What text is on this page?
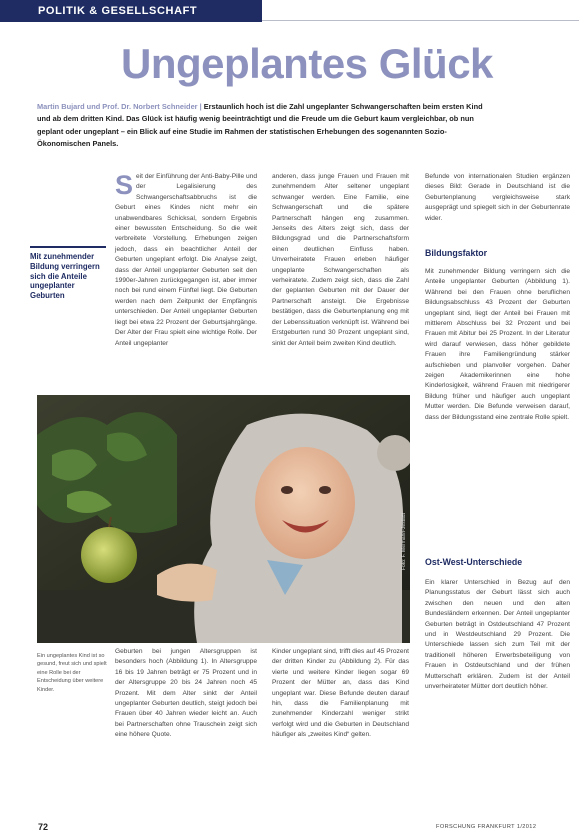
POLITIK & GESELLSCHAFT
Ungeplantes Glück

Martin Bujard und Prof. Dr. Norbert Schneider | Erstaunlich hoch ist die Zahl ungeplanter Schwangerschaften beim ersten Kind und ab dem dritten Kind. Das Glück ist häufig wenig beeinträchtigt und die Freude um die Geburt kaum vergleichbar, ob nun geplant oder ungeplant – ein Blick auf eine Studie im Rahmen der statistischen Erhebungen des sogenannten Sozio-Ökonomischen Panels.

Mit zunehmender Bildung verringern sich die Anteile ungeplanter Geburten

S eit der Einführung der Anti-Baby-Pille und der Legalisierung des Schwangerschaftsabbruchs ist die Geburt eines Kindes nicht mehr ein unabwendbares Schicksal, sondern Ergebnis einer bewussten Entscheidung. So die weit verbreitete Vorstellung. Erhebungen zeigen jedoch, dass ein beachtlicher Anteil der Geburten ungeplant erfolgt. Die Analyse zeigt, dass der Anteil ungeplanter Geburten seit den 1990er-Jahren zurückgegangen ist, aber immer noch bei rund einem Fünftel liegt. Die Geburten werden nach dem Zeitpunkt der Empfängnis unterschieden. Der Anteil ungeplanter Geburten liegt bei etwa 22 Prozent der Geburtsjahrgänge. Der Alter der Frau spielt eine wichtige Rolle. Der Anteil ungeplanter
anderen, dass junge Frauen und Frauen mit zunehmendem Alter seltener ungeplant schwanger werden. Eine Familie, eine Schwangerschaft und die spätere Partnerschaft hängen eng zusammen. Jenseits des Alters zeigt sich, dass der Bildungsgrad und die Partnerschaftsform einen deutlichen Einfluss haben. Unverheiratete Frauen erleben häufiger ungeplante Schwangerschaften als verheiratete. Zudem zeigt sich, dass die Zahl der geplanten Geburten mit der Dauer der Partnerschaft ansteigt. Die Ergebnisse bestätigen, dass die Geburtenplanung eng mit der Lebenssituation verknüpft ist. Während bei Erstgeburten rund 30 Prozent ungeplant sind, sinkt der Anteil beim zweiten Kind deutlich.
Befunde von internationalen Studien ergänzen dieses Bild: Gerade in Deutschland ist die Geburtenplanung vergleichsweise stark ausgeprägt und spiegelt sich in der Geburtenrate wider.
Bildungsfaktor
Mit zunehmender Bildung verringern sich die Anteile ungeplanter Geburten (Abbildung 1). Während bei den Frauen ohne beruflichen Bildungsabschluss 43 Prozent der Geburten ungeplant sind, liegt der Anteil bei Frauen mit mittlerem Abschluss bei 32 Prozent und bei Frauen mit Abitur bei 25 Prozent. In der Literatur wird darauf verwiesen, dass höher gebildete Frauen ihre Familiengründung stärker aufschieben und planvoller vorgehen. Daher zeigen Akademikerinnen eine hohe Kinderlosigkeit, während Frauen mit niedrigerer Bildung früher und häufiger auch ungeplant Mutter werden. Die Befunde verweisen darauf, dass der Bildungsstand eine zentrale Rolle spielt.
Ost-West-Unterschiede
Ein klarer Unterschied in Bezug auf den Planungsstatus der Geburt lässt sich auch zwischen den neuen und den alten Bundesländern erkennen. Der Anteil ungeplanter Geburten beträgt in Ostdeutschland 47 Prozent und in Westdeutschland 29 Prozent. Die Unterschiede lassen sich zum Teil mit der traditionell höheren Erwerbsbeteiligung von Frauen in Ostdeutschland und der frühen Mutterschaft erklären. Zudem ist der Anteil unverheirateter Mütter dort deutlich höher.
Foto: F. Mermann-Jestädt

Ein ungeplantes Kind ist so gesund, freut sich und spielt eine Rolle bei der Entscheidung über weitere Kinder.

Geburten bei jungen Altersgruppen ist besonders hoch (Abbildung 1). In Altersgruppe 16 bis 19 Jahren beträgt er 75 Prozent und in der Altersgruppe 20 bis 24 Jahren noch 45 Prozent. Mit dem Alter sinkt der Anteil ungeplanter Geburten deutlich, steigt jedoch bei Frauen über 40 Jahren wieder leicht an. Auch bei Partnerschaften ohne Trauschein zeigt sich eine höhere Quote.
Kinder ungeplant sind, trifft dies auf 45 Prozent der dritten Kinder zu (Abbildung 2). Für das vierte und weitere Kinder liegen sogar 69 Prozent der Mütter an, dass das Kind ungeplant war. Diese Befunde deuten darauf hin, dass die Familienplanung mit zunehmender Kinderzahl weniger strikt verfolgt wird und die Geburten in Deutschland häufiger als „zweites Kind“ gelten.
72	FORSCHUNG FRANKFURT 1/2012
